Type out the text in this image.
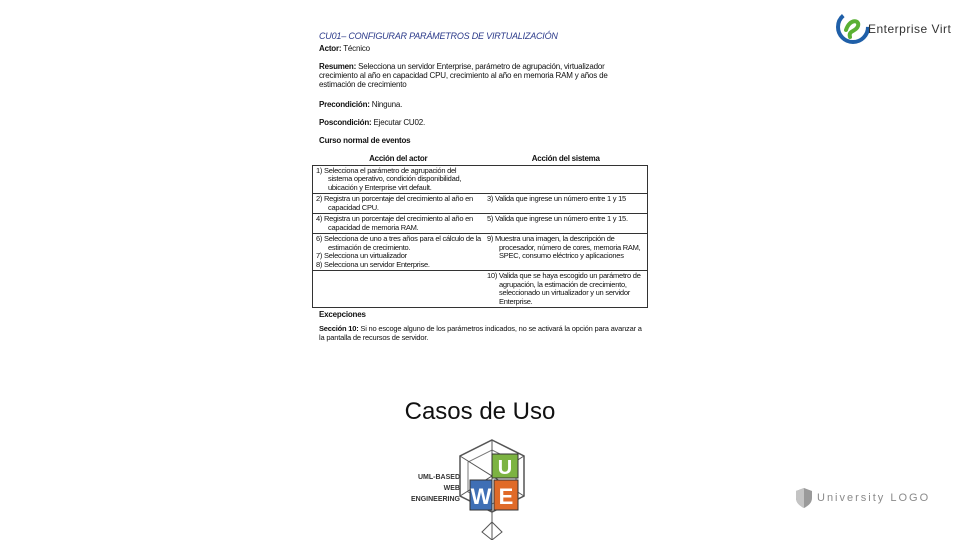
CU01– CONFIGURAR PARÁMETROS DE VIRTUALIZACIÓN
Actor: Técnico
Resumen: Selecciona un servidor Enterprise, parámetro de agrupación, virtualizador crecimiento al año en capacidad CPU, crecimiento al año en memoria RAM y años de estimación de crecimiento
Precondición: Ninguna.
Poscondición: Ejecutar CU02.
Curso normal de eventos
Acción del actor	Acción del sistema

1) Selecciona el parámetro de agrupación del sistema operativo, condición disponibilidad, ubicación y Enterprise virt default.	

2) Registra un porcentaje del crecimiento al año en capacidad CPU.	3) Valida que ingrese un número entre 1 y 15

4) Registra un porcentaje del crecimiento al año en capacidad de memoria RAM.	5) Valida que ingrese un número entre 1 y 15.

6) Selecciona de uno a tres años para el cálculo de la estimación de crecimiento.
7) Selecciona un virtualizador
8) Selecciona un servidor Enterprise.	9) Muestra una imagen, la descripción de procesador, número de cores, memoria RAM, SPEC, consumo eléctrico y aplicaciones

	10) Valida que se haya escogido un parámetro de agrupación, la estimación de crecimiento, seleccionado un virtualizador y un servidor Enterprise.
Excepciones
Sección 10: Si no escoge alguno de los parámetros indicados, no se activará la opción para avanzar a la pantalla de recursos de servidor.
Casos de Uso
Enterprise Virt
UML-BASED
WEB
ENGINEERING
U
W E	University LOGO
